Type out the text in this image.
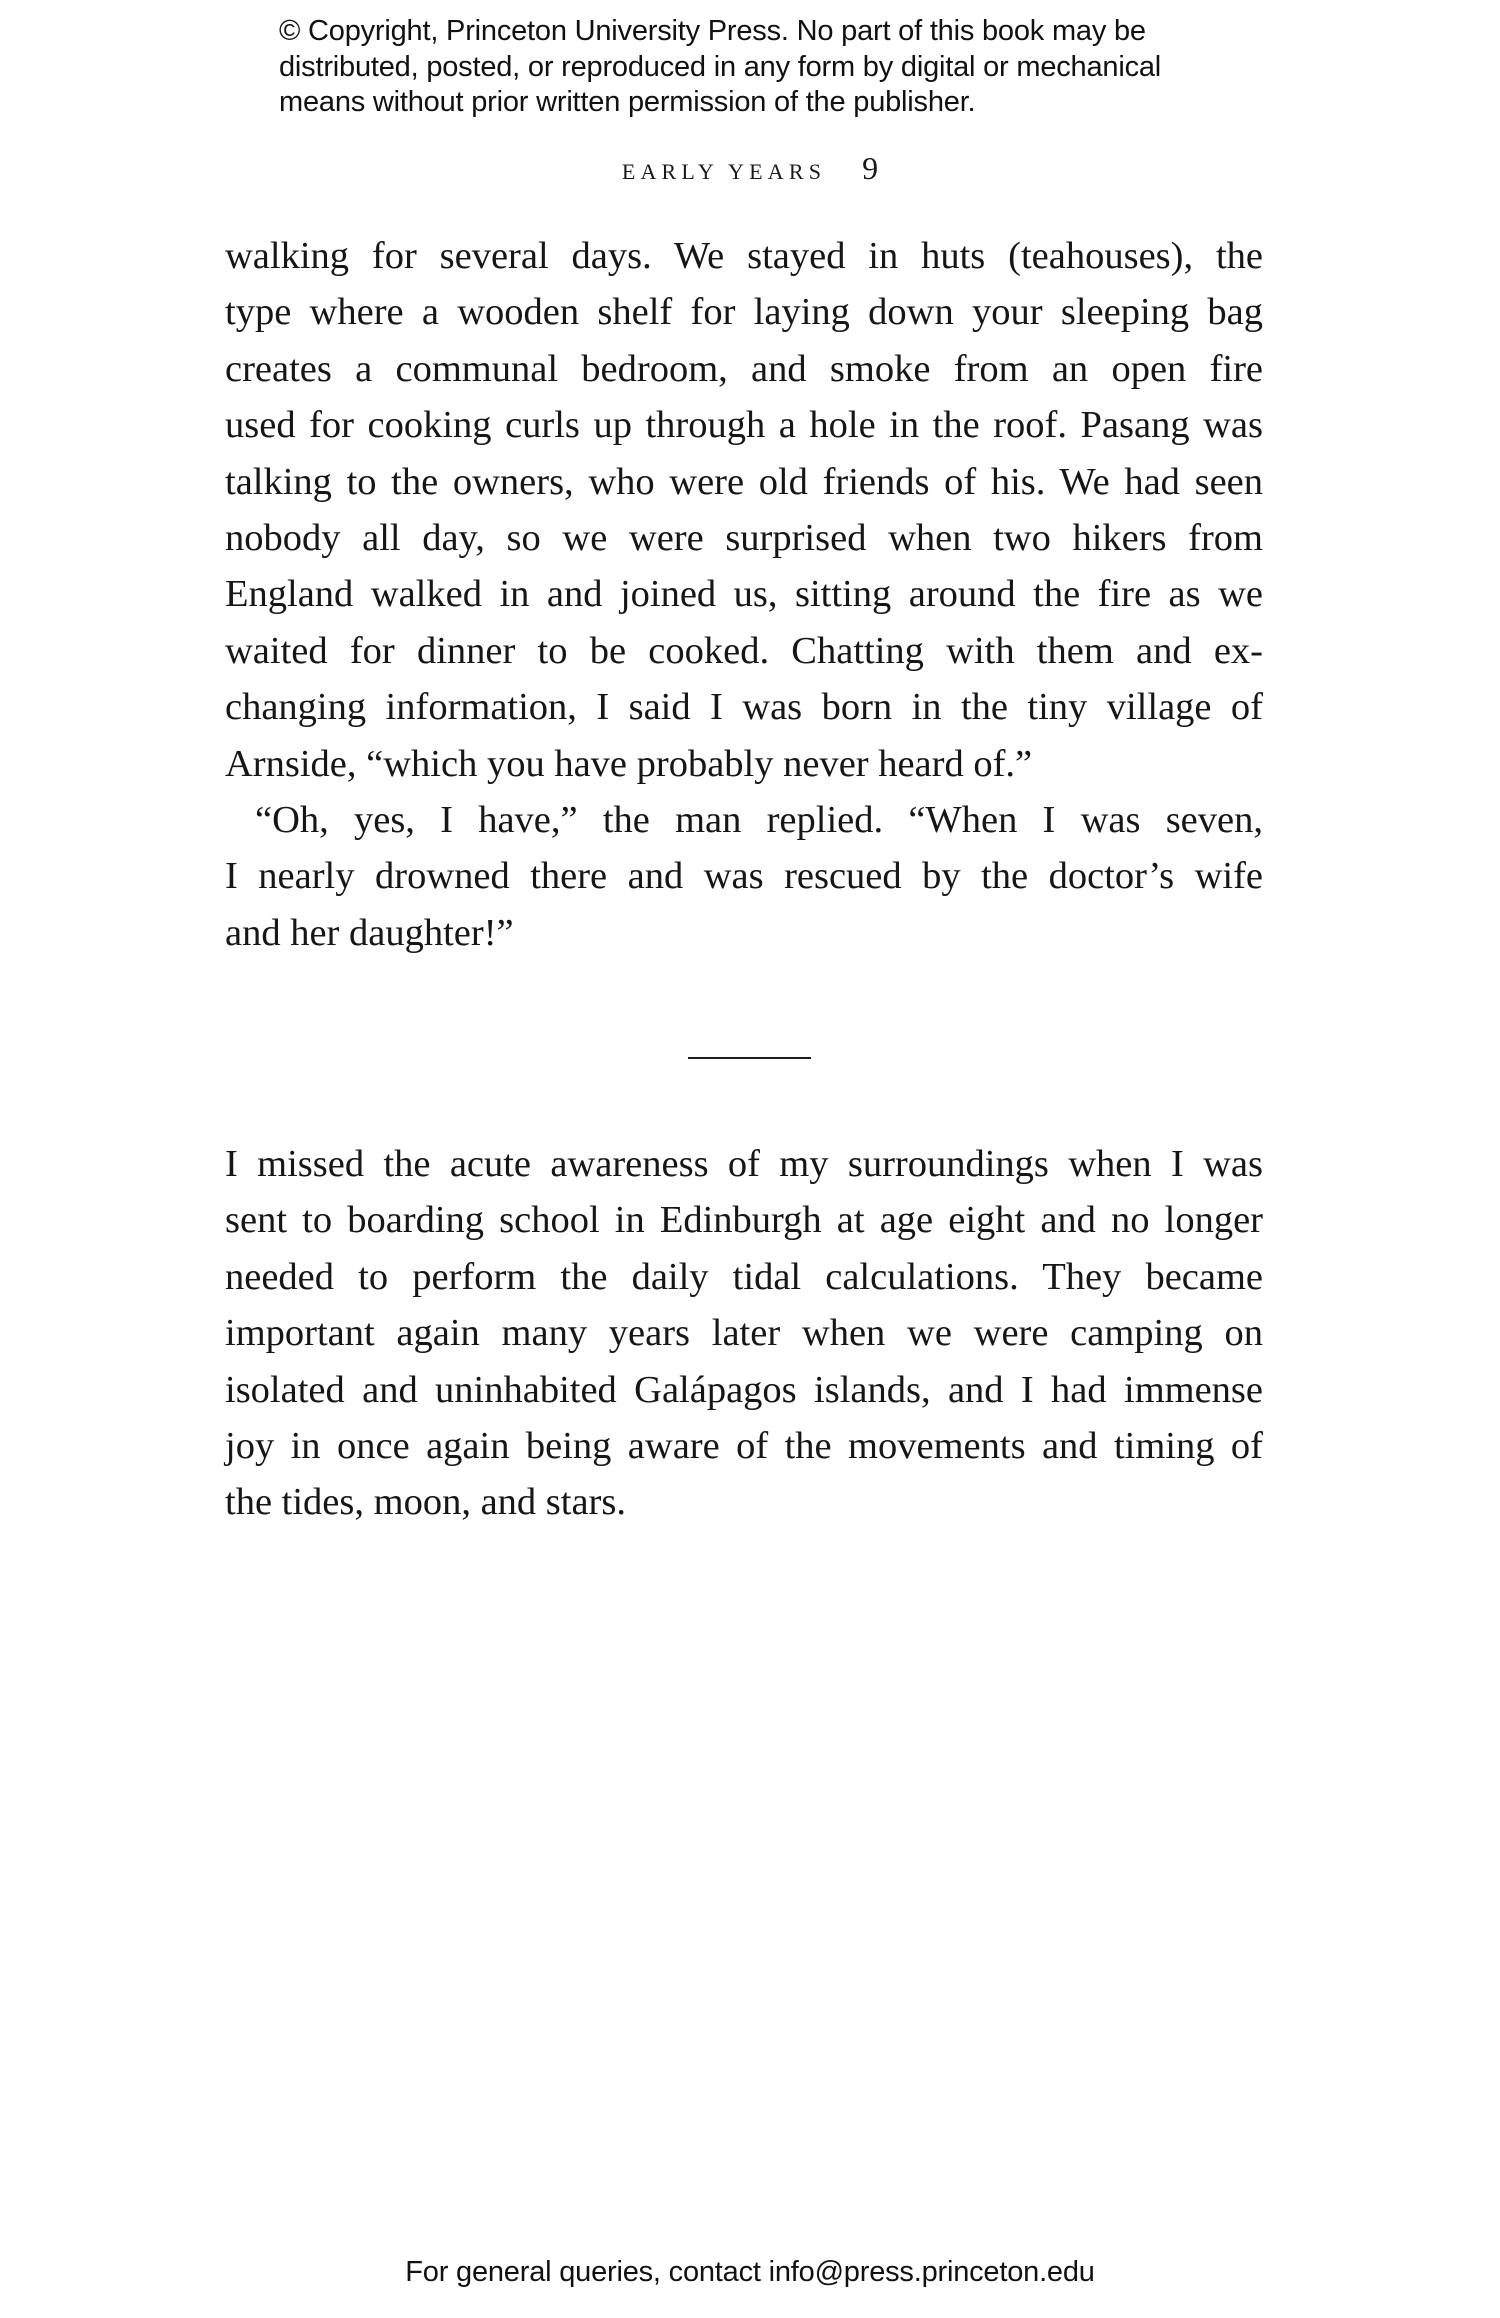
© Copyright, Princeton University Press. No part of this book may be
distributed, posted, or reproduced in any form by digital or mechanical
means without prior written permission of the publisher.
EARLY YEARS 9

walking for several days. We stayed in huts (teahouses), the
type where a wooden shelf for laying down your sleeping bag
creates a communal bedroom, and smoke from an open fire
used for cooking curls up through a hole in the roof. Pasang was
talking to the owners, who were old friends of his. We had seen
nobody all day, so we were surprised when two hikers from
England walked in and joined us, sitting around the fire as we
waited for dinner to be cooked. Chatting with them and ex-
changing information, I said I was born in the tiny village of
Arnside, “which you have probably never heard of.”

“Oh, yes, I have,” the man replied. “When I was seven,
I nearly drowned there and was rescued by the doctor’s wife
and her daughter!”

I missed the acute awareness of my surroundings when I was
sent to boarding school in Edinburgh at age eight and no longer
needed to perform the daily tidal calculations. They became
important again many years later when we were camping on
isolated and uninhabited Galápagos islands, and I had immense
joy in once again being aware of the movements and timing of
the tides, moon, and stars.

For general queries, contact info@press.princeton.edu
